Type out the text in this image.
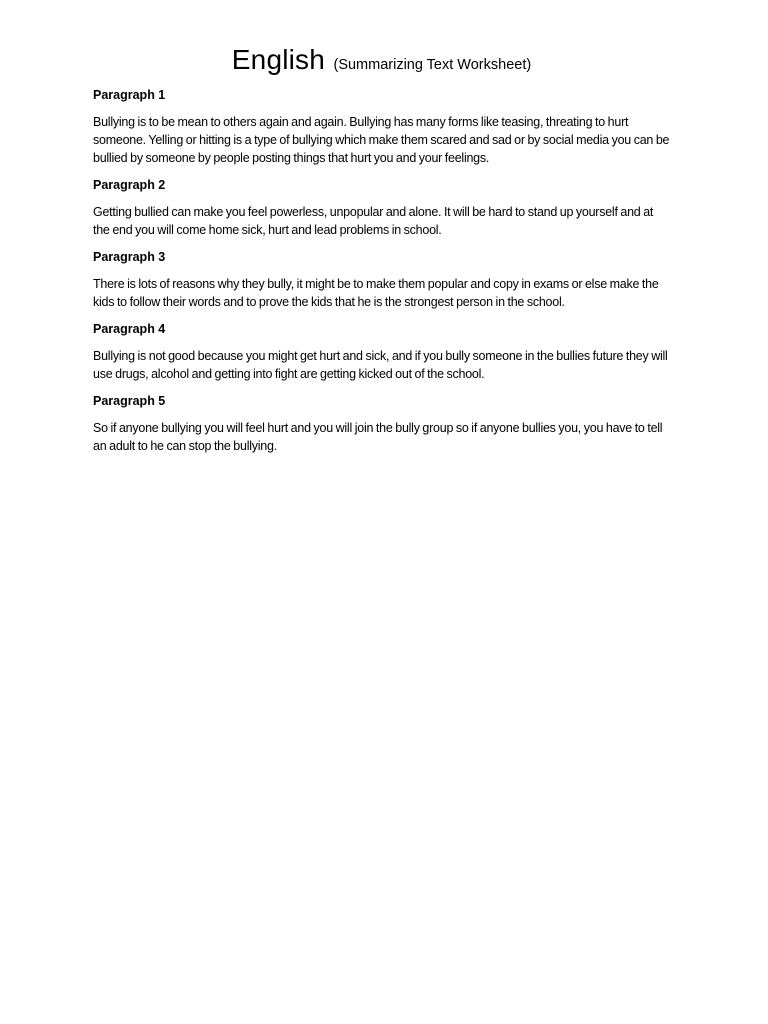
English (Summarizing Text Worksheet)
Paragraph 1
Bullying is to be mean to others again and again. Bullying has many forms like teasing, threating to hurt someone. Yelling or hitting is a type of bullying which make them scared and sad or by social media you can be bullied by someone by people posting things that hurt you and your feelings.
Paragraph 2
Getting bullied can make you feel powerless, unpopular and alone. It will be hard to stand up yourself and at the end you will come home sick, hurt and lead problems in school.
Paragraph 3
There is lots of reasons why they bully, it might be to make them popular and copy in exams or else make the kids to follow their words and to prove the kids that he is the strongest person in the school.
Paragraph 4
Bullying is not good because you might get hurt and sick, and if you bully someone in the bullies future they will use drugs, alcohol and getting into fight are getting kicked out of the school.
Paragraph 5
So if anyone bullying you will feel hurt and you will join the bully group so if anyone bullies you, you have to tell an adult to he can stop the bullying.
